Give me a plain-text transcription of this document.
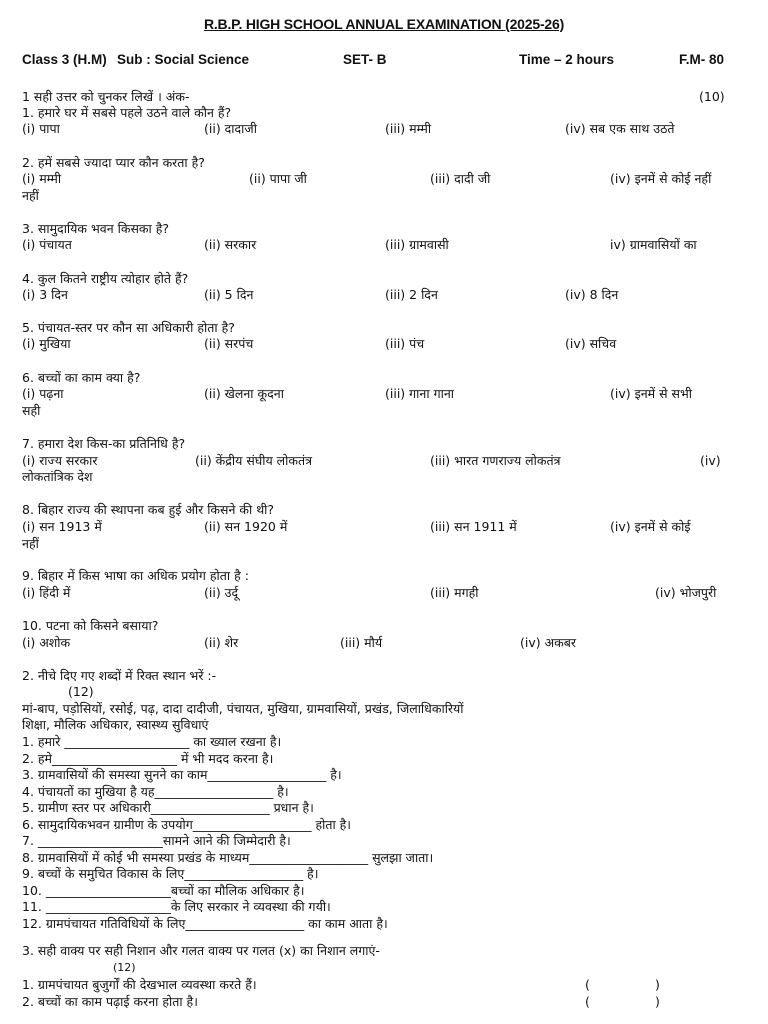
R.B.P. HIGH SCHOOL ANNUAL EXAMINATION (2025-26)
Class 3 (H.M) Sub : Social Science	SET- B	Time – 2 hours	F.M- 80
1 सही उत्तर को चुनकर लिखें । अंक-	(10)
1. हमारे घर में सबसे पहले उठने वाले कौन हैं?
(i) पापा	(ii) दादाजी	(iii) मम्मी	(iv) सब एक साथ उठते
2. हमें सबसे ज्यादा प्यार कौन करता है?
(i) मम्मी	(ii) पापा जी	(iii) दादी जी	(iv) इनमें से कोई नहीं
नहीं
3. सामुदायिक भवन किसका है?
(i) पंचायत	(ii) सरकार	(iii) ग्रामवासी	iv) ग्रामवासियों का
4. कुल कितने राष्ट्रीय त्योहार होते हैं?
(i) 3 दिन	(ii) 5 दिन	(iii) 2 दिन	(iv) 8 दिन
5. पंचायत-स्तर पर कौन सा अधिकारी होता है?
(i) मुखिया	(ii) सरपंच	(iii) पंच	(iv) सचिव
6. बच्चों का काम क्या है?
(i) पढ़ना	(ii) खेलना कूदना	(iii) गाना गाना	(iv) इनमें से सभी
सही
7. हमारा देश किस-का प्रतिनिधि है?
(i) राज्य सरकार	(ii) केंद्रीय संघीय लोकतंत्र	(iii) भारत गणराज्य लोकतंत्र	(iv)
लोकतांत्रिक देश
8. बिहार राज्य की स्थापना कब हुई और किसने की थी?
(i) सन 1913 में	(ii) सन 1920 में	(iii) सन 1911 में	(iv) इनमें से कोई
नहीं
9. बिहार में किस भाषा का अधिक प्रयोग होता है :
(i) हिंदी में	(ii) उर्दू	(iii) मगही	(iv) भोजपुरी
10. पटना को किसने बसाया?
(i) अशोक	(ii) शेर	(iii) मौर्य	(iv) अकबर
2. नीचे दिए गए शब्दों में रिक्त स्थान भरें :-
(12)
मां-बाप, पड़ोसियों, रसोई, पढ़, दादा दादीजी, पंचायत, मुखिया, ग्रामवासियों, प्रखंड, जिलाधिकारियों
शिक्षा, मौलिक अधिकार, स्वास्थ्य सुविधाएं
1. हमारे ____________________ का ख्याल रखना है।
2. हमे____________________ में भी मदद करना है।
3. ग्रामवासियों की समस्या सुनने का काम___________________ है।
4. पंचायतों का मुखिया है यह___________________ है।
5. ग्रामीण स्तर पर अधिकारी___________________ प्रधान है।
6. सामुदायिकभवन ग्रामीण के उपयोग___________________ होता है।
7. ____________________सामने आने की जिम्मेदारी है।
8. ग्रामवासियों में कोई भी समस्या प्रखंड के माध्यम___________________ सुलझा जाता।
9. बच्चों के समुचित विकास के लिए___________________ है।
10. ____________________बच्चों का मौलिक अधिकार है।
11. ____________________के लिए सरकार ने व्यवस्था की गयी।
12. ग्रामपंचायत गतिविधियों के लिए___________________ का काम आता है।
3. सही वाक्य पर सही निशान और गलत वाक्य पर गलत (x) का निशान लगाएं-
(12)
1. ग्रामपंचायत बुजुर्गों की देखभाल व्यवस्था करते हैं।	(	)
2. बच्चों का काम पढ़ाई करना होता है।	(	)
